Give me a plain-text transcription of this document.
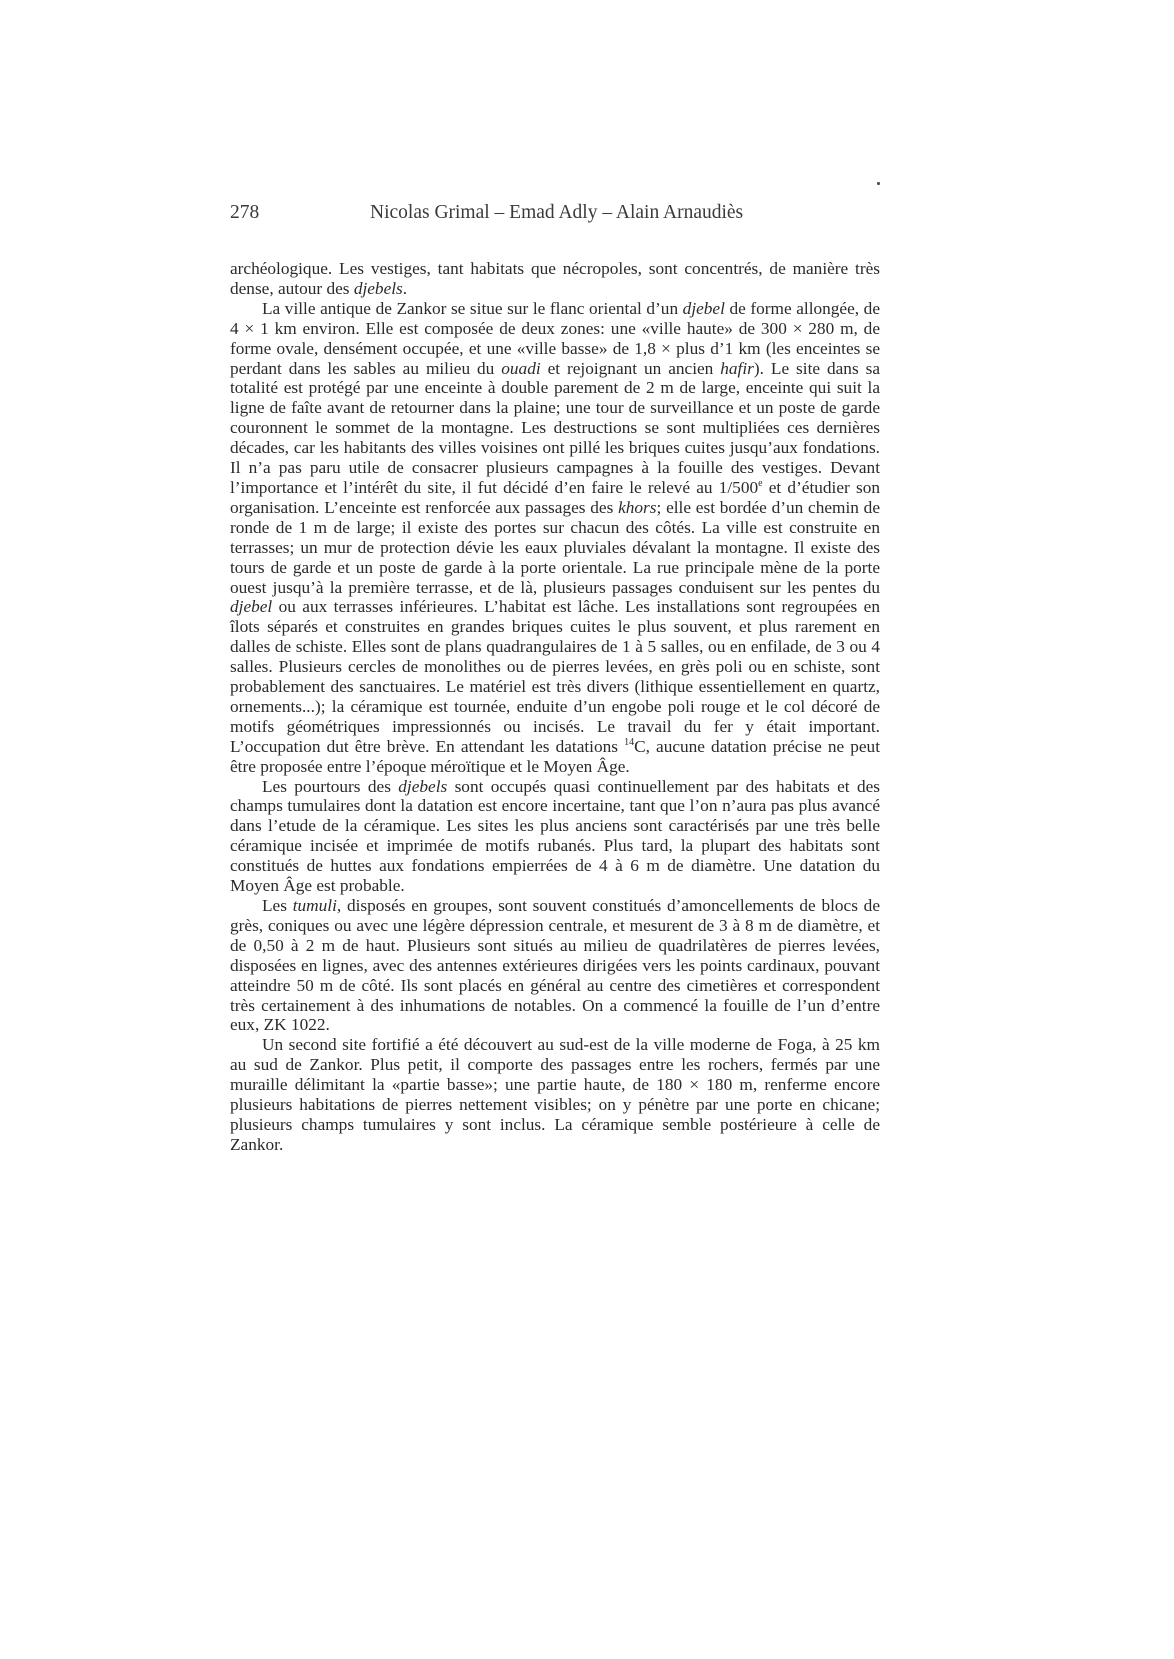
278	Nicolas Grimal – Emad Adly – Alain Arnaudiès

archéologique. Les vestiges, tant habitats que nécropoles, sont concentrés, de manière très dense, autour des djebels.

La ville antique de Zankor se situe sur le flanc oriental d’un djebel de forme allongée, de 4 × 1 km environ. Elle est composée de deux zones: une «ville haute» de 300 × 280 m, de forme ovale, densément occupée, et une «ville basse» de 1,8 × plus d’1 km (les enceintes se perdant dans les sables au milieu du ouadi et rejoignant un ancien hafir). Le site dans sa totalité est protégé par une enceinte à double parement de 2 m de large, enceinte qui suit la ligne de faîte avant de retourner dans la plaine; une tour de surveillance et un poste de garde couronnent le sommet de la montagne. Les destructions se sont multipliées ces dernières décades, car les habitants des villes voisines ont pillé les briques cuites jusqu’aux fondations. Il n’a pas paru utile de consacrer plusieurs campagnes à la fouille des vestiges. Devant l’importance et l’intérêt du site, il fut décidé d’en faire le relevé au 1/500e et d’étudier son organisation. L’enceinte est renforcée aux passages des khors; elle est bordée d’un chemin de ronde de 1 m de large; il existe des portes sur chacun des côtés. La ville est construite en terrasses; un mur de protection dévie les eaux pluviales dévalant la montagne. Il existe des tours de garde et un poste de garde à la porte orientale. La rue principale mène de la porte ouest jusqu’à la première terrasse, et de là, plusieurs passages conduisent sur les pentes du djebel ou aux terrasses inférieures. L’habitat est lâche. Les installations sont regroupées en îlots séparés et construites en grandes briques cuites le plus souvent, et plus rarement en dalles de schiste. Elles sont de plans quadrangulaires de 1 à 5 salles, ou en enfilade, de 3 ou 4 salles. Plusieurs cercles de monolithes ou de pierres levées, en grès poli ou en schiste, sont probablement des sanctuaires. Le matériel est très divers (lithique essentiellement en quartz, ornements...); la céramique est tournée, enduite d’un engobe poli rouge et le col décoré de motifs géométriques impressionnés ou incisés. Le travail du fer y était important. L’occupation dut être brève. En attendant les datations $^{14}$C, aucune datation précise ne peut être proposée entre l’époque méroïtique et le Moyen Âge.

Les pourtours des djebels sont occupés quasi continuellement par des habitats et des champs tumulaires dont la datation est encore incertaine, tant que l’on n’aura pas plus avancé dans l’etude de la céramique. Les sites les plus anciens sont caractérisés par une très belle céramique incisée et imprimée de motifs rubanés. Plus tard, la plupart des habitats sont constitués de huttes aux fondations empierrées de 4 à 6 m de diamètre. Une datation du Moyen Âge est probable.

Les tumuli, disposés en groupes, sont souvent constitués d’amoncellements de blocs de grès, coniques ou avec une légère dépression centrale, et mesurent de 3 à 8 m de diamètre, et de 0,50 à 2 m de haut. Plusieurs sont situés au milieu de quadrilatères de pierres levées, disposées en lignes, avec des antennes extérieures dirigées vers les points cardinaux, pouvant atteindre 50 m de côté. Ils sont placés en général au centre des cimetières et correspondent très certainement à des inhumations de notables. On a commencé la fouille de l’un d’entre eux, ZK 1022.

Un second site fortifié a été découvert au sud-est de la ville moderne de Foga, à 25 km au sud de Zankor. Plus petit, il comporte des passages entre les rochers, fermés par une muraille délimitant la «partie basse»; une partie haute, de 180 × 180 m, renferme encore plusieurs habitations de pierres nettement visibles; on y pénètre par une porte en chicane; plusieurs champs tumulaires y sont inclus. La céramique semble postérieure à celle de Zankor.
